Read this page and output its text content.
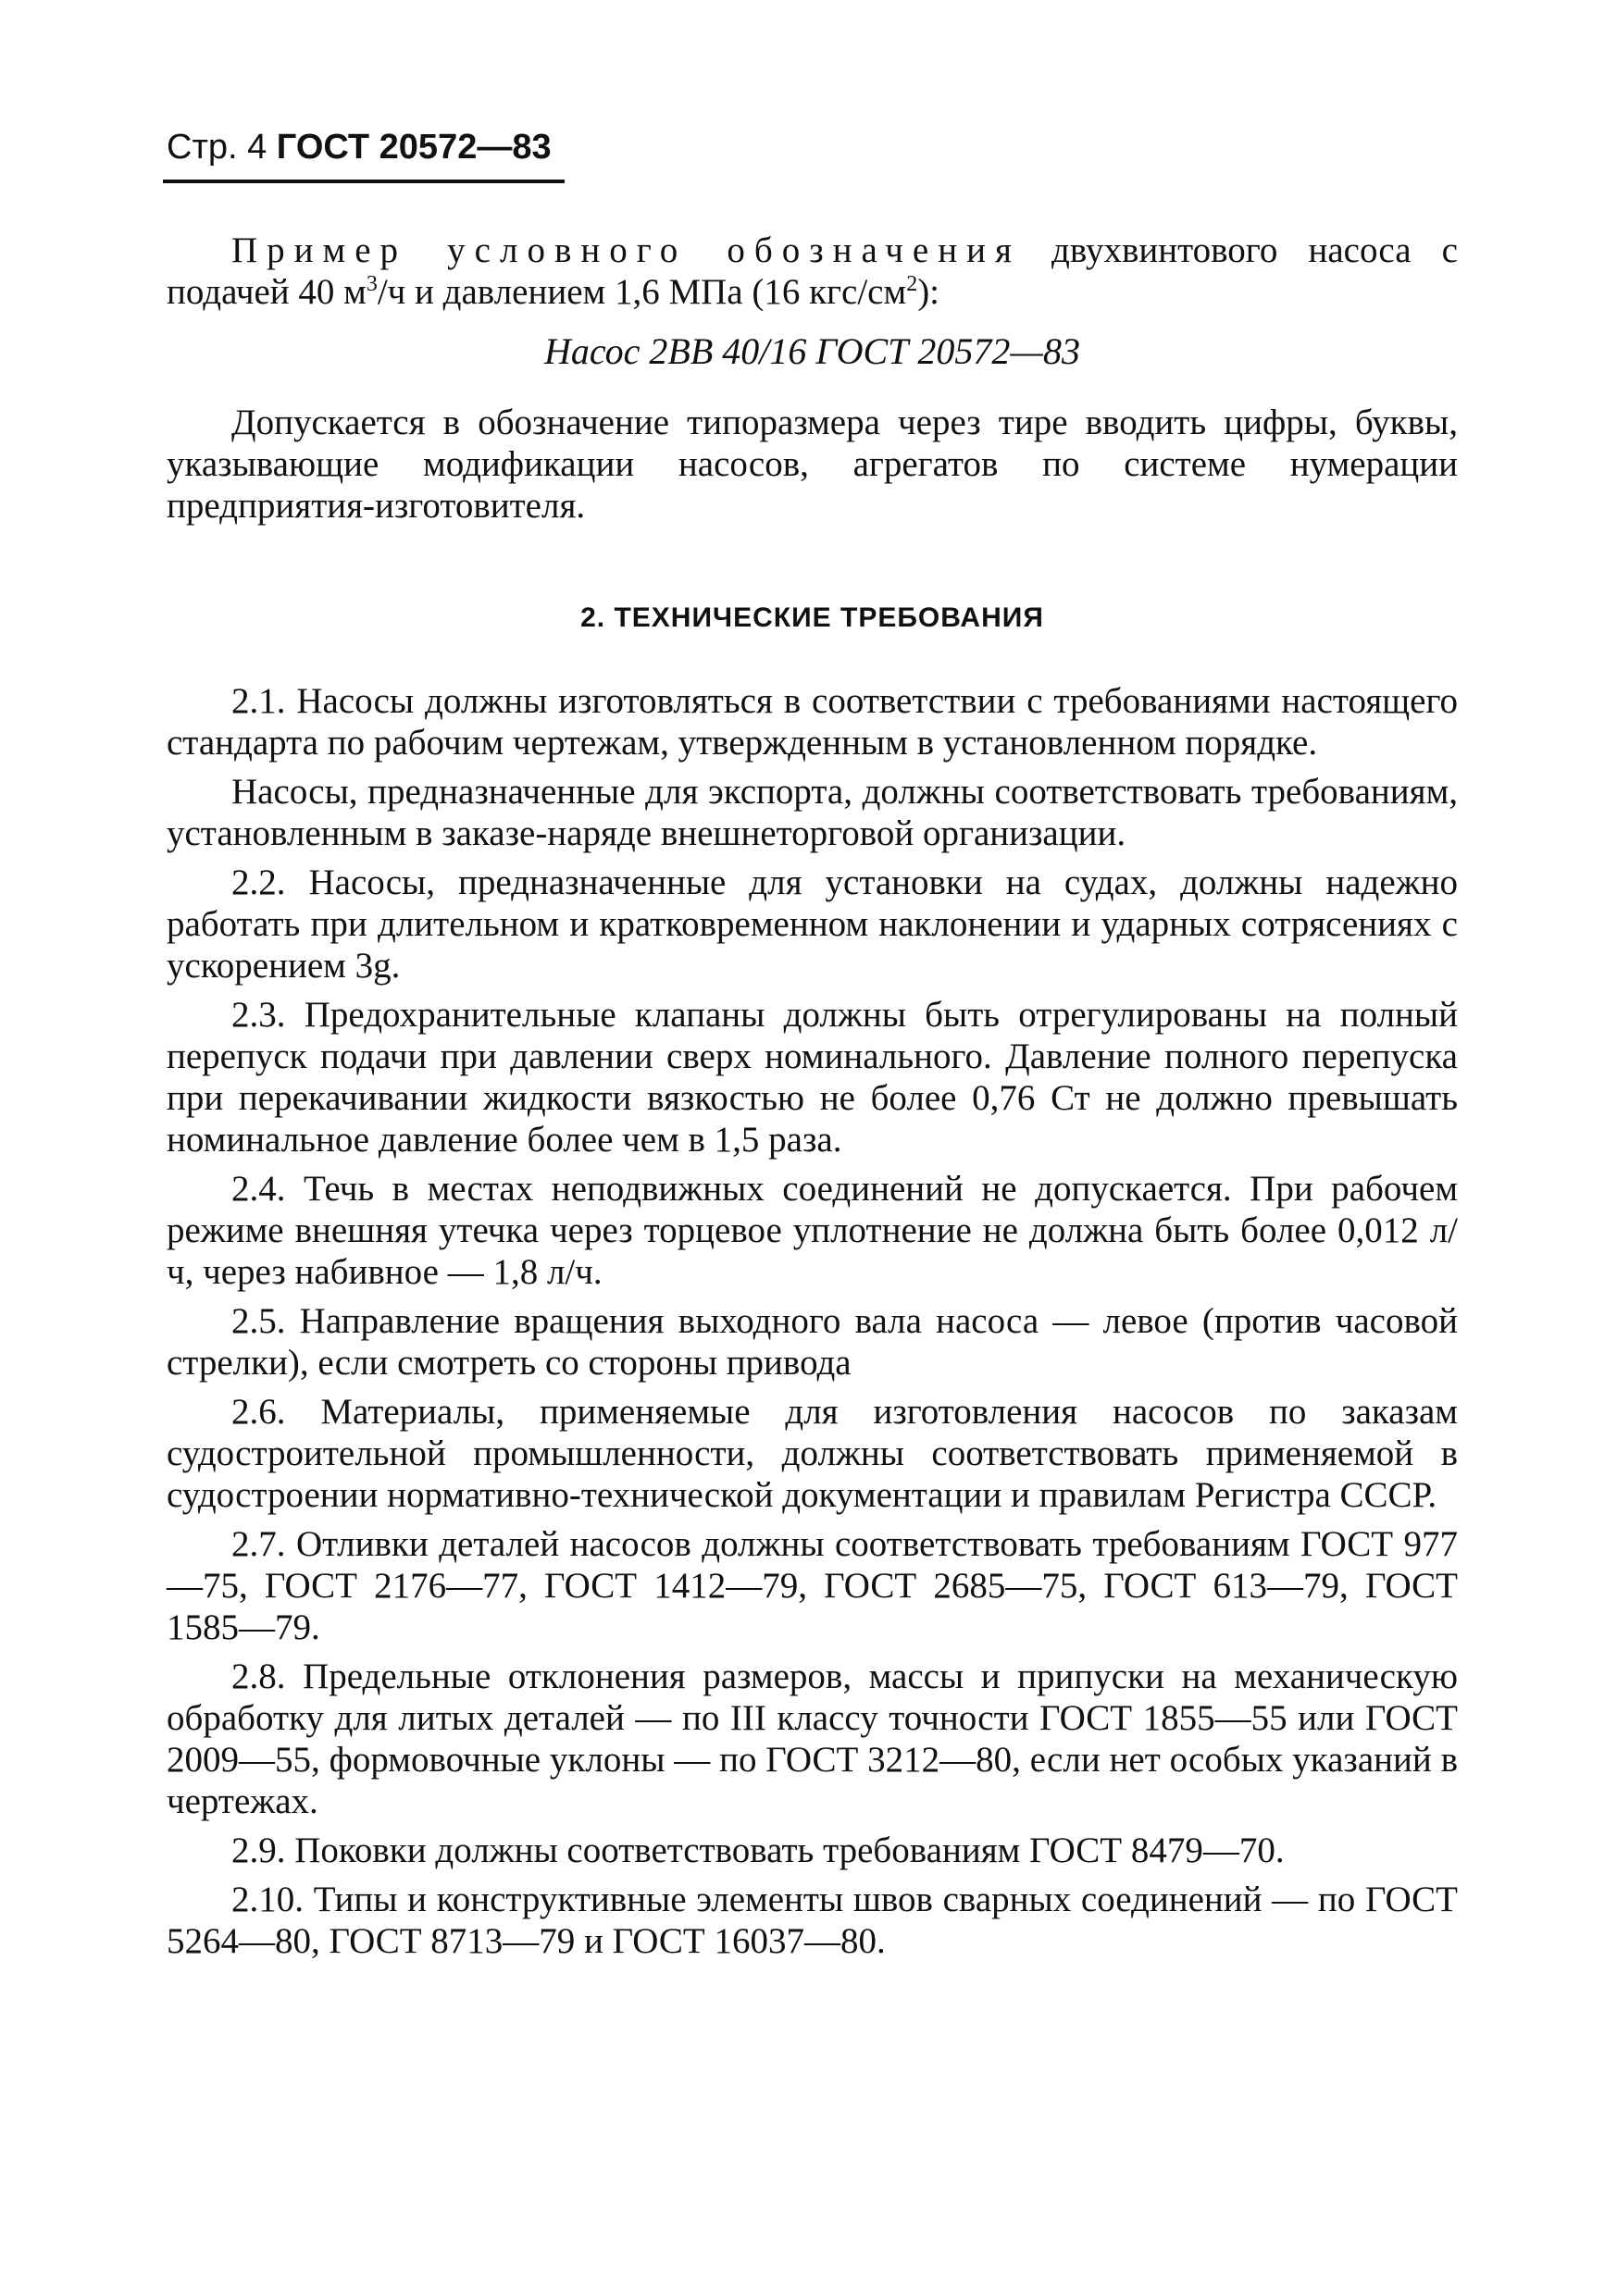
Стр. 4 ГОСТ 20572—83

Пример условного обозначения двухвинтового насоса с подачей 40 $м^3/ч$ и давлением 1,6 МПа (16 кгс/$см^2$):

Насос 2ВВ 40/16 ГОСТ 20572—83

Допускается в обозначение типоразмера через тире вводить цифры, буквы, указывающие модификации насосов, агрегатов по системе нумерации предприятия-изготовителя.

2. ТЕХНИЧЕСКИЕ ТРЕБОВАНИЯ

2.1. Насосы должны изготовляться в соответствии с требованиями настоящего стандарта по рабочим чертежам, утвержденным в установленном порядке.

Насосы, предназначенные для экспорта, должны соответствовать требованиям, установленным в заказе-наряде внешнеторговой организации.

2.2. Насосы, предназначенные для установки на судах, должны надежно работать при длительном и кратковременном наклонении и ударных сотрясениях с ускорением 3g.

2.3. Предохранительные клапаны должны быть отрегулированы на полный перепуск подачи при давлении сверх номинального. Давление полного перепуска при перекачивании жидкости вязкостью не более 0,76 Ст не должно превышать номинальное давление более чем в 1,5 раза.

2.4. Течь в местах неподвижных соединений не допускается. При рабочем режиме внешняя утечка через торцевое уплотнение не должна быть более 0,012 л/ч, через набивное — 1,8 л/ч.

2.5. Направление вращения выходного вала насоса — левое (против часовой стрелки), если смотреть со стороны привода

2.6. Материалы, применяемые для изготовления насосов по заказам судостроительной промышленности, должны соответствовать применяемой в судостроении нормативно-технической документации и правилам Регистра СССР.

2.7. Отливки деталей насосов должны соответствовать требованиям ГОСТ 977—75, ГОСТ 2176—77, ГОСТ 1412—79, ГОСТ 2685—75, ГОСТ 613—79, ГОСТ 1585—79.

2.8. Предельные отклонения размеров, массы и припуски на механическую обработку для литых деталей — по III классу точности ГОСТ 1855—55 или ГОСТ 2009—55, формовочные уклоны — по ГОСТ 3212—80, если нет особых указаний в чертежах.

2.9. Поковки должны соответствовать требованиям ГОСТ 8479—70.

2.10. Типы и конструктивные элементы швов сварных соединений — по ГОСТ 5264—80, ГОСТ 8713—79 и ГОСТ 16037—80.
